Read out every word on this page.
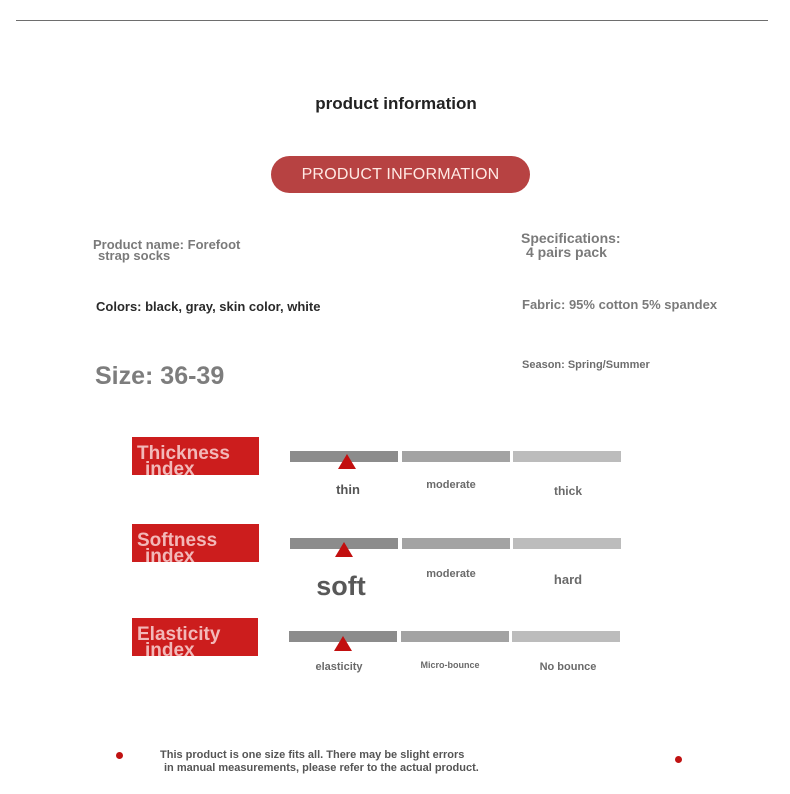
product information
PRODUCT INFORMATION
Product name: Forefoot
strap socks
Specifications:
4 pairs pack
Colors: black, gray, skin color, white	Fabric: 95% cotton 5% spandex
Size: 36-39	Season: Spring/Summer
Thickness
index
thin	moderate	thick
Softness
index
soft	moderate	hard
Elasticity
index
elasticity	Micro-bounce	No bounce
This product is one size fits all. There may be slight errors
in manual measurements, please refer to the actual product.
